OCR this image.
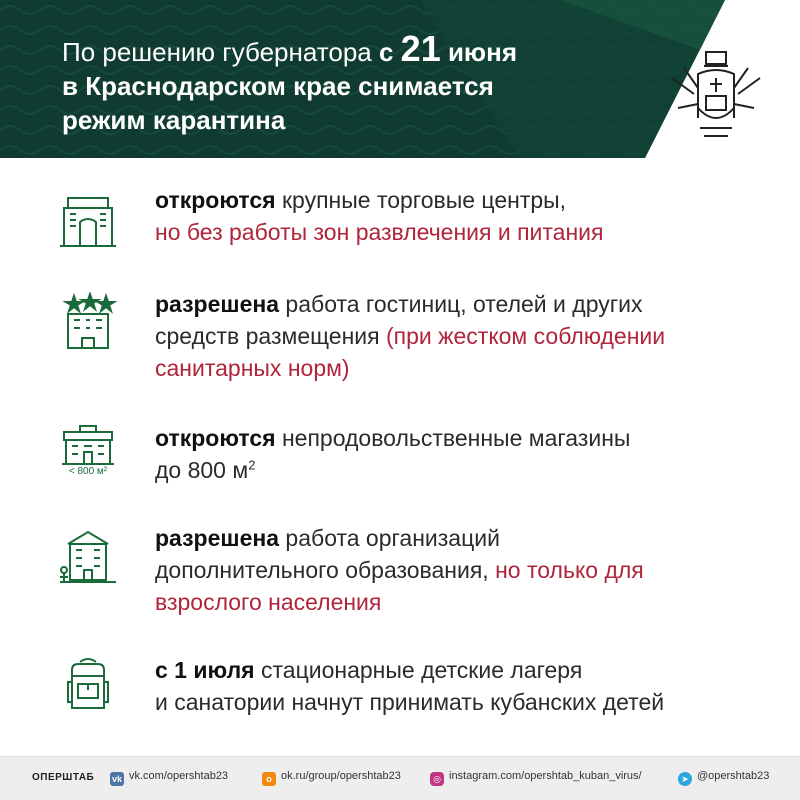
По решению губернатора с 21 июня
в Краснодарском крае снимается
режим карантина
откроются крупные торговые центры,
но без работы зон развлечения и питания
разрешена работа гостиниц, отелей и других
средств размещения (при жестком соблюдении
санитарных норм)
< 800 м²
откроются непродовольственные магазины
до 800 $м^2$
разрешена работа организаций
дополнительного образования, но только для
взрослого населения
с 1 июля стационарные детские лагеря
и санатории начнут принимать кубанских детей
ОПЕРШТАБ vk vk.com/opershtab23	o ok.ru/group/opershtab23	◎ instagram.com/opershtab_kuban_virus/	➤ @opershtab23
